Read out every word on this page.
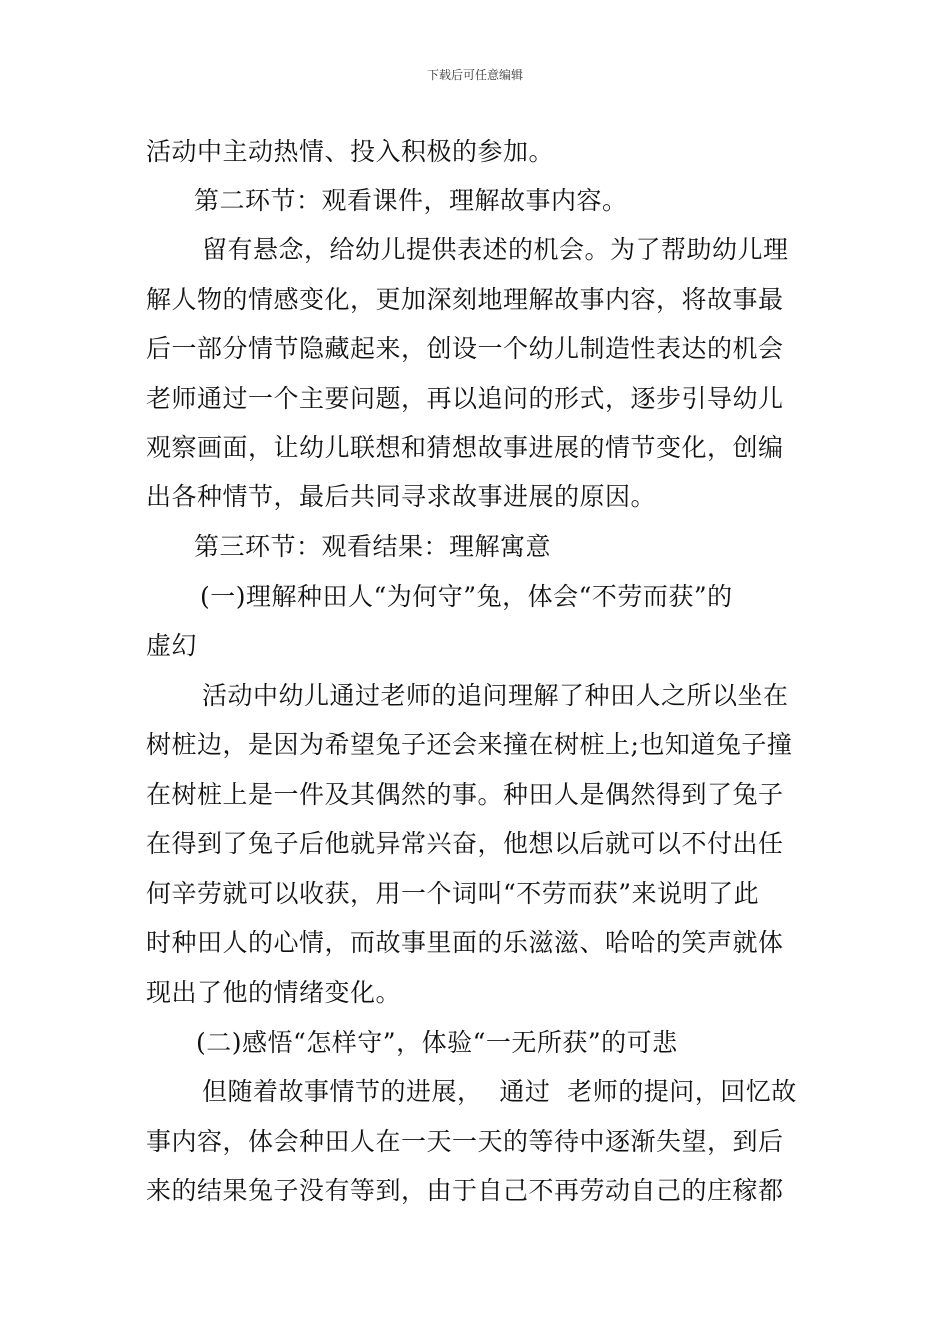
下载后可任意编辑
活动中主动热情、投入积极的参加。
第二环节：观看课件，理解故事内容。
留有悬念，给幼儿提供表述的机会。为了帮助幼儿理
解人物的情感变化，更加深刻地理解故事内容，将故事最
后一部分情节隐藏起来，创设一个幼儿制造性表达的机会
老师通过一个主要问题，再以追问的形式，逐步引导幼儿
观察画面，让幼儿联想和猜想故事进展的情节变化，创编
出各种情节，最后共同寻求故事进展的原因。
第三环节：观看结果：理解寓意
(一)理解种田人“为何守”兔，体会“不劳而获”的
虚幻
活动中幼儿通过老师的追问理解了种田人之所以坐在
树桩边，是因为希望兔子还会来撞在树桩上;也知道兔子撞
在树桩上是一件及其偶然的事。种田人是偶然得到了兔子
在得到了兔子后他就异常兴奋，他想以后就可以不付出任
何辛劳就可以收获，用一个词叫“不劳而获”来说明了此
时种田人的心情，而故事里面的乐滋滋、哈哈的笑声就体
现出了他的情绪变化。
(二)感悟“怎样守”，体验“一无所获”的可悲
但随着故事情节的进展，  通过  老师的提问，回忆故
事内容，体会种田人在一天一天的等待中逐渐失望，到后
来的结果兔子没有等到，由于自己不再劳动自己的庄稼都
